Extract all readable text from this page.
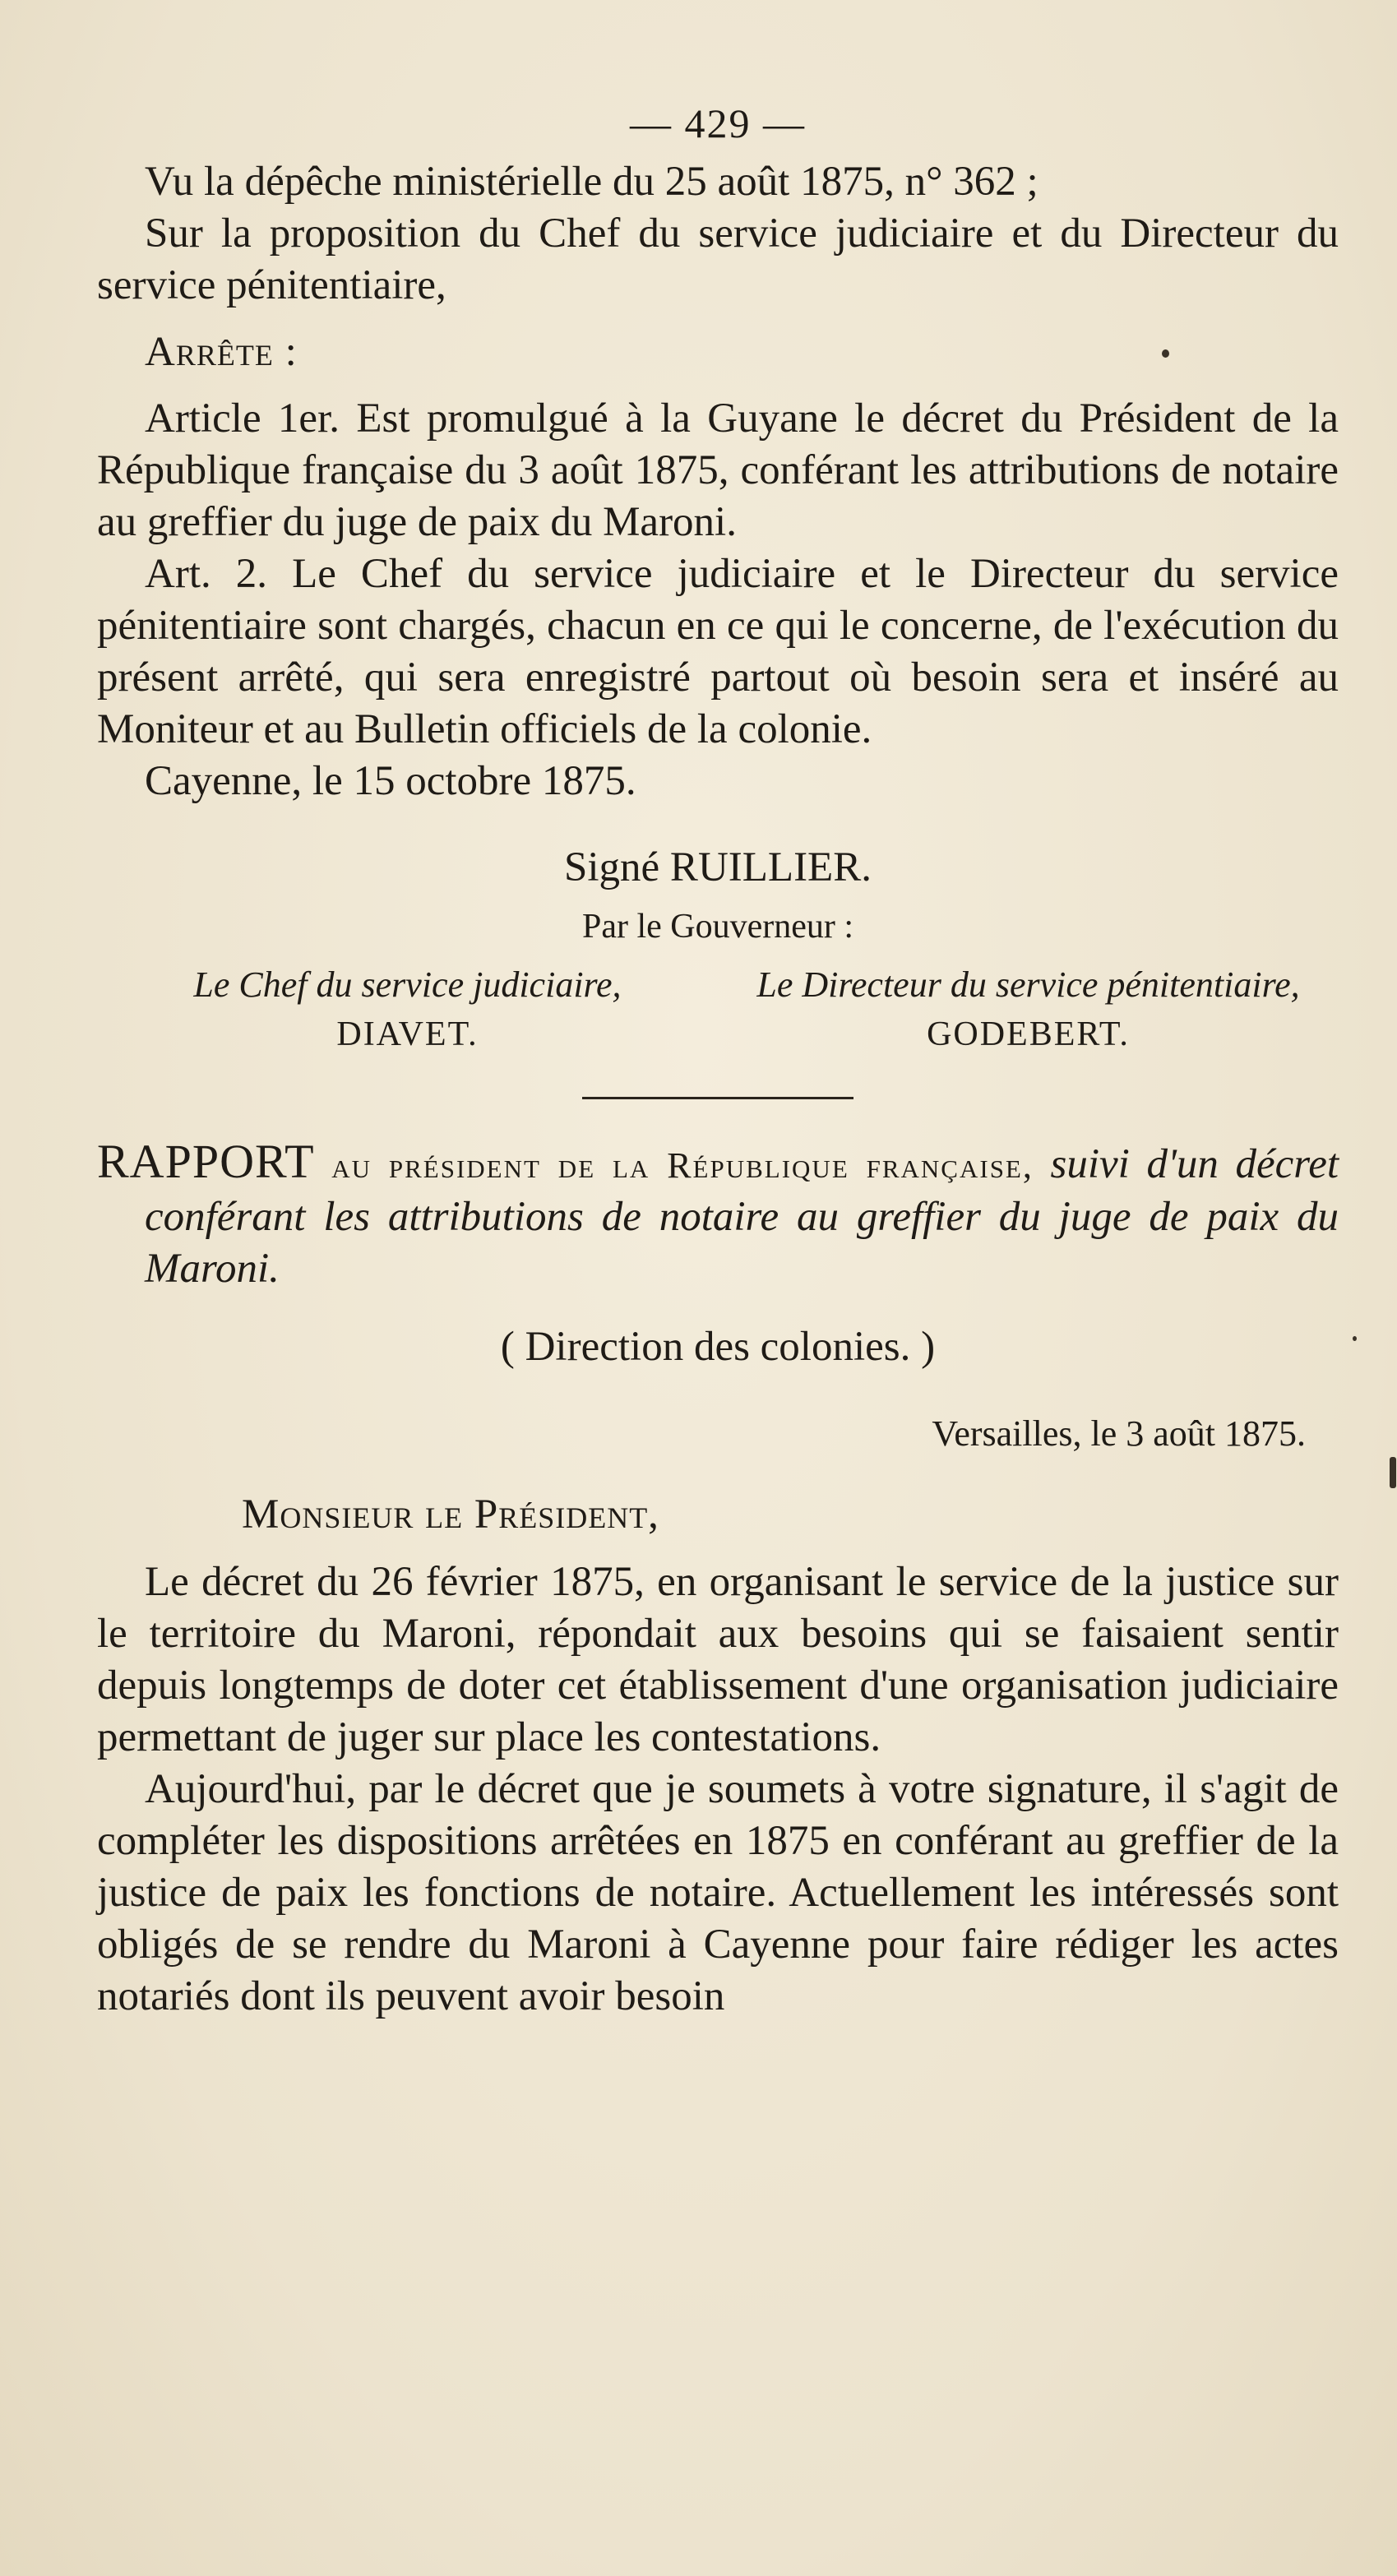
— 429 —

Vu la dépêche ministérielle du 25 août 1875, n° 362 ;

Sur la proposition du Chef du service judiciaire et du Directeur du service pénitentiaire,

Arrête :

Article 1er. Est promulgué à la Guyane le décret du Président de la République française du 3 août 1875, conférant les attributions de notaire au greffier du juge de paix du Maroni.

Art. 2. Le Chef du service judiciaire et le Directeur du service pénitentiaire sont chargés, chacun en ce qui le concerne, de l'exécution du présent arrêté, qui sera enregistré partout où besoin sera et inséré au Moniteur et au Bulletin officiels de la colonie.

Cayenne, le 15 octobre 1875.

Signé RUILLIER.
Par le Gouverneur :
Le Chef du service judiciaire,
DIAVET.
Le Directeur du service pénitentiaire,
GODEBERT.
RAPPORT au président de la République française, suivi d'un décret conférant les attributions de notaire au greffier du juge de paix du Maroni.
( Direction des colonies. )
Versailles, le 3 août 1875.
Monsieur le Président,

Le décret du 26 février 1875, en organisant le service de la justice sur le territoire du Maroni, répondait aux besoins qui se faisaient sentir depuis longtemps de doter cet établissement d'une organisation judiciaire permettant de juger sur place les contestations.

Aujourd'hui, par le décret que je soumets à votre signature, il s'agit de compléter les dispositions arrêtées en 1875 en conférant au greffier de la justice de paix les fonctions de notaire. Actuellement les intéressés sont obligés de se rendre du Maroni à Cayenne pour faire rédiger les actes notariés dont ils peuvent avoir besoin
